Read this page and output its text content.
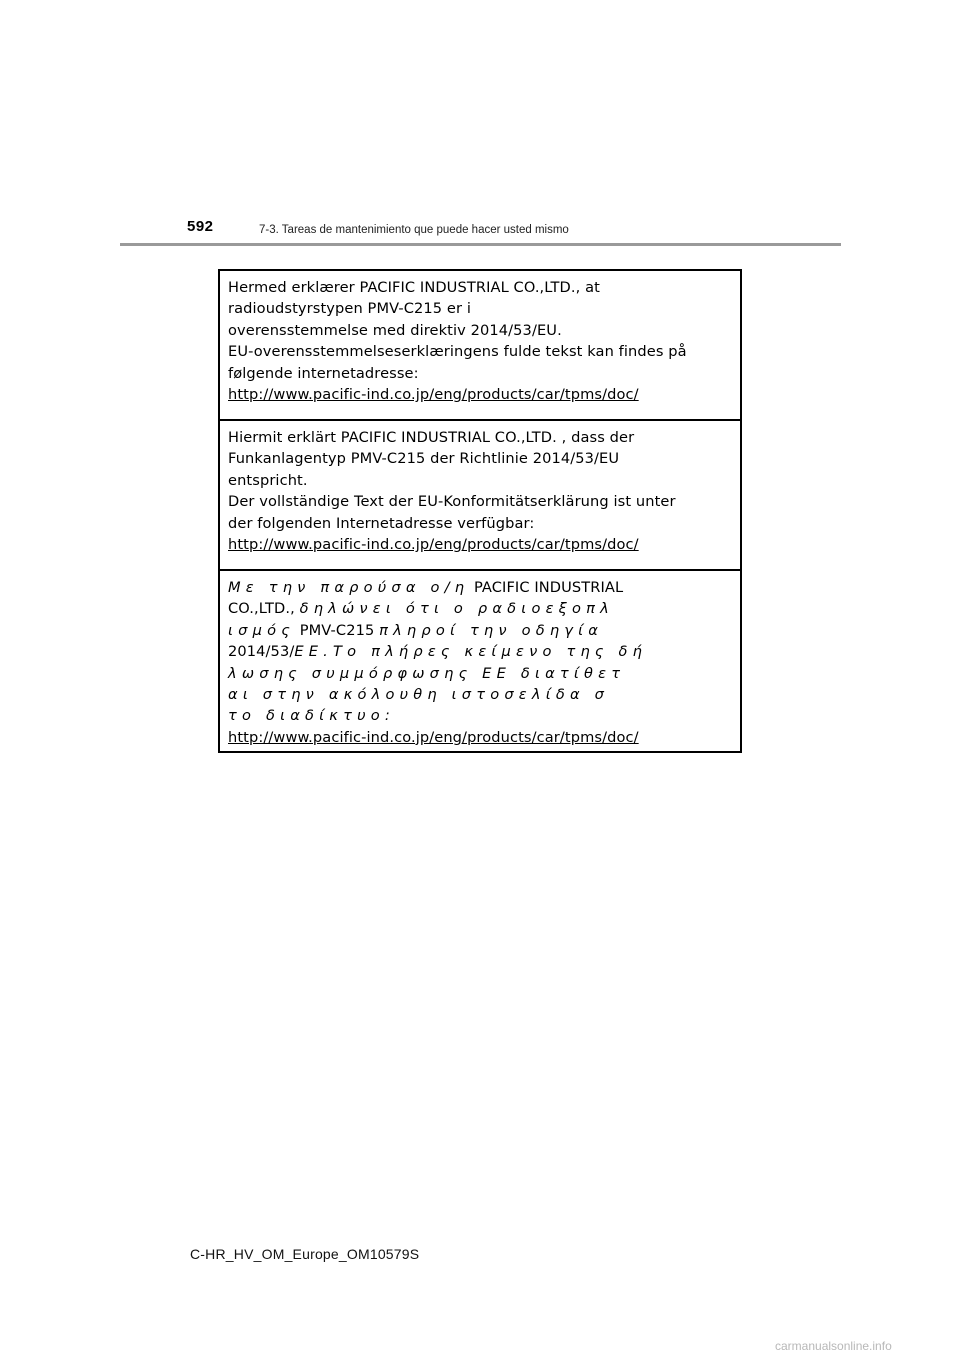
592	7-3. Tareas de mantenimiento que puede hacer usted mismo
Hermed erklærer PACIFIC INDUSTRIAL CO.,LTD., at
radioudstyrstypen PMV-C215 er i
overensstemmelse med direktiv 2014/53/EU.
EU-overensstemmelseserklæringens fulde tekst kan findes på
følgende internetadresse:
http://www.pacific-ind.co.jp/eng/products/car/tpms/doc/
Hiermit erklärt PACIFIC INDUSTRIAL CO.,LTD. , dass der
Funkanlagentyp PMV-C215 der Richtlinie 2014/53/EU
entspricht.
Der vollständige Text der EU-Konformitätserklärung ist unter
der folgenden Internetadresse verfügbar:
http://www.pacific-ind.co.jp/eng/products/car/tpms/doc/
Με την παρούσα ο/η PACIFIC INDUSTRIAL
CO.,LTD., δηλώνει ότι ο ραδιοεξοπλ
ισμός PMV-C215 πληροί την οδηγία
2014/53/ΕΕ.Το πλήρες κείμενο της δή
λωσης συμμόρφωσης ΕΕ διατίθετ
αι στην ακόλουθη ιστοσελίδα σ
το διαδίκτυο:
http://www.pacific-ind.co.jp/eng/products/car/tpms/doc/
C-HR_HV_OM_Europe_OM10579S
carmanualsonline.info
